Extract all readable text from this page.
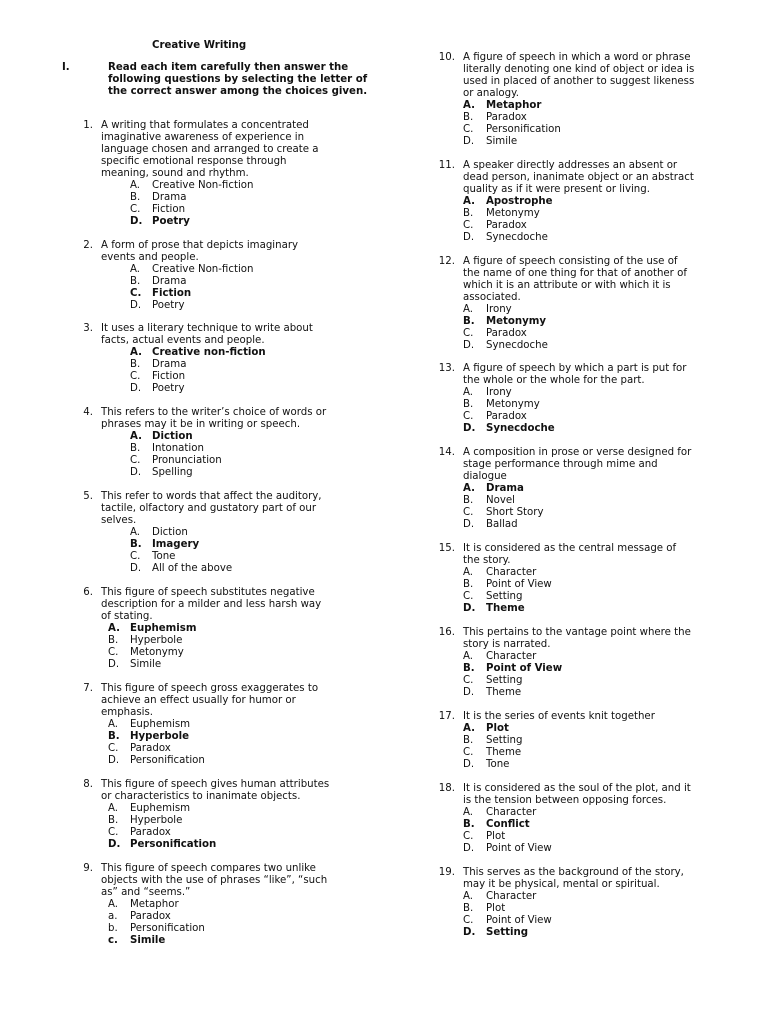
Creative Writing
I.	Read each item carefully then answer the following questions by selecting the letter of the correct answer among the choices given.
1. A writing that formulates a concentrated
imaginative awareness of experience in
language chosen and arranged to create a
specific emotional response through
meaning, sound and rhythm.
A. Creative Non-fiction
B. Drama
C. Fiction
D. Poetry
2. A form of prose that depicts imaginary
events and people.
A. Creative Non-fiction
B. Drama
C. Fiction
D. Poetry
3. It uses a literary technique to write about
facts, actual events and people.
A. Creative non-fiction
B. Drama
C. Fiction
D. Poetry
4. This refers to the writer’s choice of words or
phrases may it be in writing or speech.
A. Diction
B. Intonation
C. Pronunciation
D. Spelling
5. This refer to words that affect the auditory,
tactile, olfactory and gustatory part of our
selves.
A. Diction
B. Imagery
C. Tone
D. All of the above
6. This figure of speech substitutes negative
description for a milder and less harsh way
of stating.
A. Euphemism
B. Hyperbole
C. Metonymy
D. Simile
7. This figure of speech gross exaggerates to
achieve an effect usually for humor or
emphasis.
A. Euphemism
B. Hyperbole
C. Paradox
D. Personification
8. This figure of speech gives human attributes
or characteristics to inanimate objects.
A. Euphemism
B. Hyperbole
C. Paradox
D. Personification
9. This figure of speech compares two unlike
objects with the use of phrases “like”, “such
as” and “seems.”
A. Metaphor
a. Paradox
b. Personification
c. Simile
10. A figure of speech in which a word or phrase
literally denoting one kind of object or idea is
used in placed of another to suggest likeness
or analogy.
A. Metaphor
B. Paradox
C. Personification
D. Simile
11. A speaker directly addresses an absent or
dead person, inanimate object or an abstract
quality as if it were present or living.
A. Apostrophe
B. Metonymy
C. Paradox
D. Synecdoche
12. A figure of speech consisting of the use of
the name of one thing for that of another of
which it is an attribute or with which it is
associated.
A. Irony
B. Metonymy
C. Paradox
D. Synecdoche
13. A figure of speech by which a part is put for
the whole or the whole for the part.
A. Irony
B. Metonymy
C. Paradox
D. Synecdoche
14. A composition in prose or verse designed for
stage performance through mime and
dialogue
A. Drama
B. Novel
C. Short Story
D. Ballad
15. It is considered as the central message of
the story.
A. Character
B. Point of View
C. Setting
D. Theme
16. This pertains to the vantage point where the
story is narrated.
A. Character
B. Point of View
C. Setting
D. Theme
17. It is the series of events knit together
A. Plot
B. Setting
C. Theme
D. Tone
18. It is considered as the soul of the plot, and it
is the tension between opposing forces.
A. Character
B. Conflict
C. Plot
D. Point of View
19. This serves as the background of the story,
may it be physical, mental or spiritual.
A. Character
B. Plot
C. Point of View
D. Setting
